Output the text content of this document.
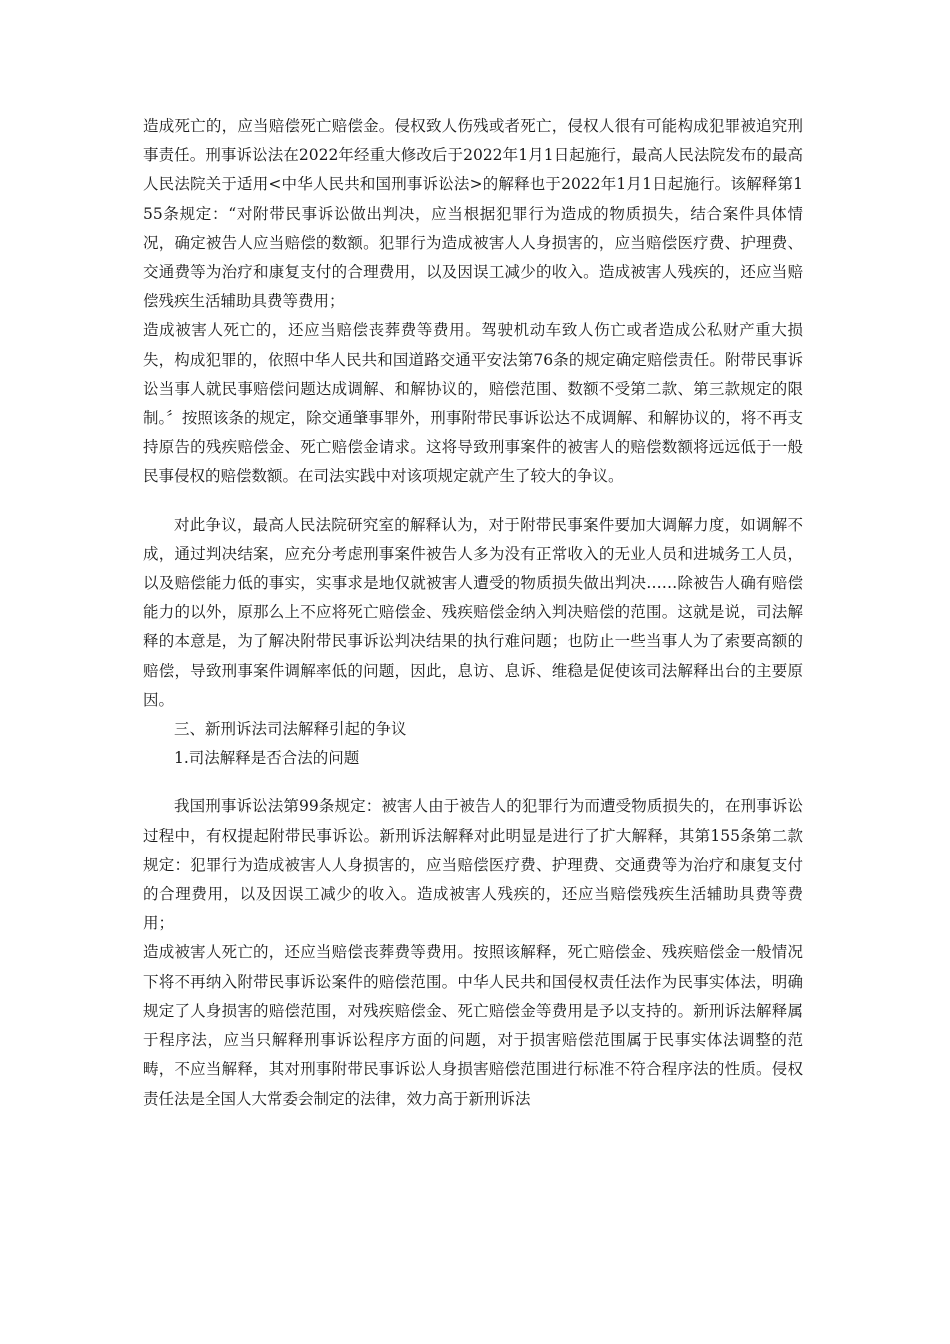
造成死亡的，应当赔偿死亡赔偿金。侵权致人伤残或者死亡，侵权人很有可能构成犯罪被追究刑事责任。刑事诉讼法在2022年经重大修改后于2022年1月1日起施行，最高人民法院发布的最高人民法院关于适用<中华人民共和国刑事诉讼法>的解释也于2022年1月1日起施行。该解释第155条规定：“对附带民事诉讼做出判决，应当根据犯罪行为造成的物质损失，结合案件具体情况，确定被告人应当赔偿的数额。犯罪行为造成被害人人身损害的，应当赔偿医疗费、护理费、交通费等为治疗和康复支付的合理费用，以及因误工减少的收入。造成被害人残疾的，还应当赔偿残疾生活辅助具费等费用；

造成被害人死亡的，还应当赔偿丧葬费等费用。驾驶机动车致人伤亡或者造成公私财产重大损失，构成犯罪的，依照中华人民共和国道路交通平安法第76条的规定确定赔偿责任。附带民事诉讼当事人就民事赔偿问题达成调解、和解协议的，赔偿范围、数额不受第二款、第三款规定的限制。〞按照该条的规定，除交通肇事罪外，刑事附带民事诉讼达不成调解、和解协议的，将不再支持原告的残疾赔偿金、死亡赔偿金请求。这将导致刑事案件的被害人的赔偿数额将远远低于一般民事侵权的赔偿数额。在司法实践中对该项规定就产生了较大的争议。

对此争议，最高人民法院研究室的解释认为，对于附带民事案件要加大调解力度，如调解不成，通过判决结案，应充分考虑刑事案件被告人多为没有正常收入的无业人员和进城务工人员，以及赔偿能力低的事实，实事求是地仅就被害人遭受的物质损失做出判决……除被告人确有赔偿能力的以外，原那么上不应将死亡赔偿金、残疾赔偿金纳入判决赔偿的范围。这就是说，司法解释的本意是，为了解决附带民事诉讼判决结果的执行难问题；也防止一些当事人为了索要高额的赔偿，导致刑事案件调解率低的问题，因此，息访、息诉、维稳是促使该司法解释出台的主要原因。

三、新刑诉法司法解释引起的争议

1.司法解释是否合法的问题

我国刑事诉讼法第99条规定：被害人由于被告人的犯罪行为而遭受物质损失的，在刑事诉讼过程中，有权提起附带民事诉讼。新刑诉法解释对此明显是进行了扩大解释，其第155条第二款规定：犯罪行为造成被害人人身损害的，应当赔偿医疗费、护理费、交通费等为治疗和康复支付的合理费用，以及因误工减少的收入。造成被害人残疾的，还应当赔偿残疾生活辅助具费等费用；

造成被害人死亡的，还应当赔偿丧葬费等费用。按照该解释，死亡赔偿金、残疾赔偿金一般情况下将不再纳入附带民事诉讼案件的赔偿范围。中华人民共和国侵权责任法作为民事实体法，明确规定了人身损害的赔偿范围，对残疾赔偿金、死亡赔偿金等费用是予以支持的。新刑诉法解释属于程序法，应当只解释刑事诉讼程序方面的问题，对于损害赔偿范围属于民事实体法调整的范畴，不应当解释，其对刑事附带民事诉讼人身损害赔偿范围进行标准不符合程序法的性质。侵权责任法是全国人大常委会制定的法律，效力高于新刑诉法
